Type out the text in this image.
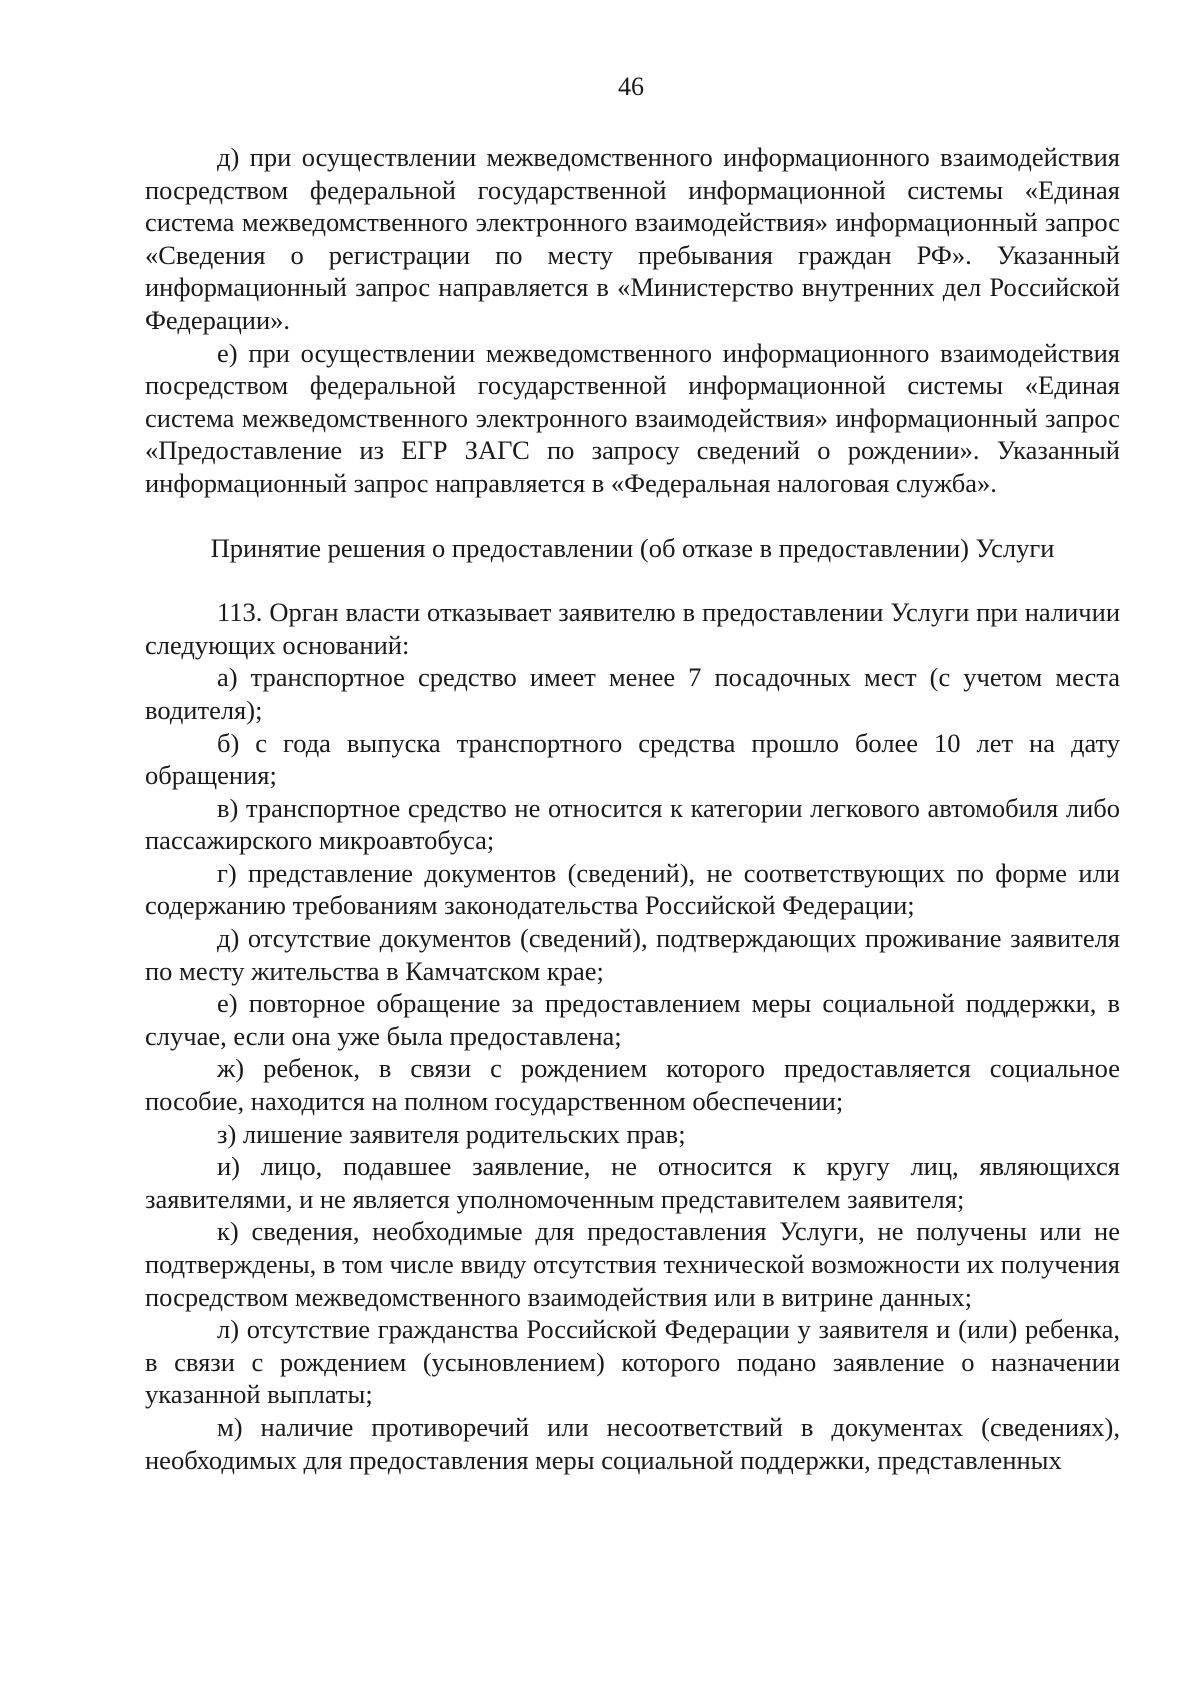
46

д) при осуществлении межведомственного информационного взаимодействия посредством федеральной государственной информационной системы «Единая система межведомственного электронного взаимодействия» информационный запрос «Сведения о регистрации по месту пребывания граждан РФ». Указанный информационный запрос направляется в «Министерство внутренних дел Российской Федерации».

е) при осуществлении межведомственного информационного взаимодействия посредством федеральной государственной информационной системы «Единая система межведомственного электронного взаимодействия» информационный запрос «Предоставление из ЕГР ЗАГС по запросу сведений о рождении». Указанный информационный запрос направляется в «Федеральная налоговая служба».

Принятие решения о предоставлении (об отказе в предоставлении) Услуги

113. Орган власти отказывает заявителю в предоставлении Услуги при наличии следующих оснований:

а) транспортное средство имеет менее 7 посадочных мест (с учетом места водителя);

б) с года выпуска транспортного средства прошло более 10 лет на дату обращения;

в) транспортное средство не относится к категории легкового автомобиля либо пассажирского микроавтобуса;

г) представление документов (сведений), не соответствующих по форме или содержанию требованиям законодательства Российской Федерации;

д) отсутствие документов (сведений), подтверждающих проживание заявителя по месту жительства в Камчатском крае;

е) повторное обращение за предоставлением меры социальной поддержки, в случае, если она уже была предоставлена;

ж) ребенок, в связи с рождением которого предоставляется социальное пособие, находится на полном государственном обеспечении;

з) лишение заявителя родительских прав;

и) лицо, подавшее заявление, не относится к кругу лиц, являющихся заявителями, и не является уполномоченным представителем заявителя;

к) сведения, необходимые для предоставления Услуги, не получены или не подтверждены, в том числе ввиду отсутствия технической возможности их получения посредством межведомственного взаимодействия или в витрине данных;

л) отсутствие гражданства Российской Федерации у заявителя и (или) ребенка, в связи с рождением (усыновлением) которого подано заявление о назначении указанной выплаты;

м) наличие противоречий или несоответствий в документах (сведениях), необходимых для предоставления меры социальной поддержки, представленных
